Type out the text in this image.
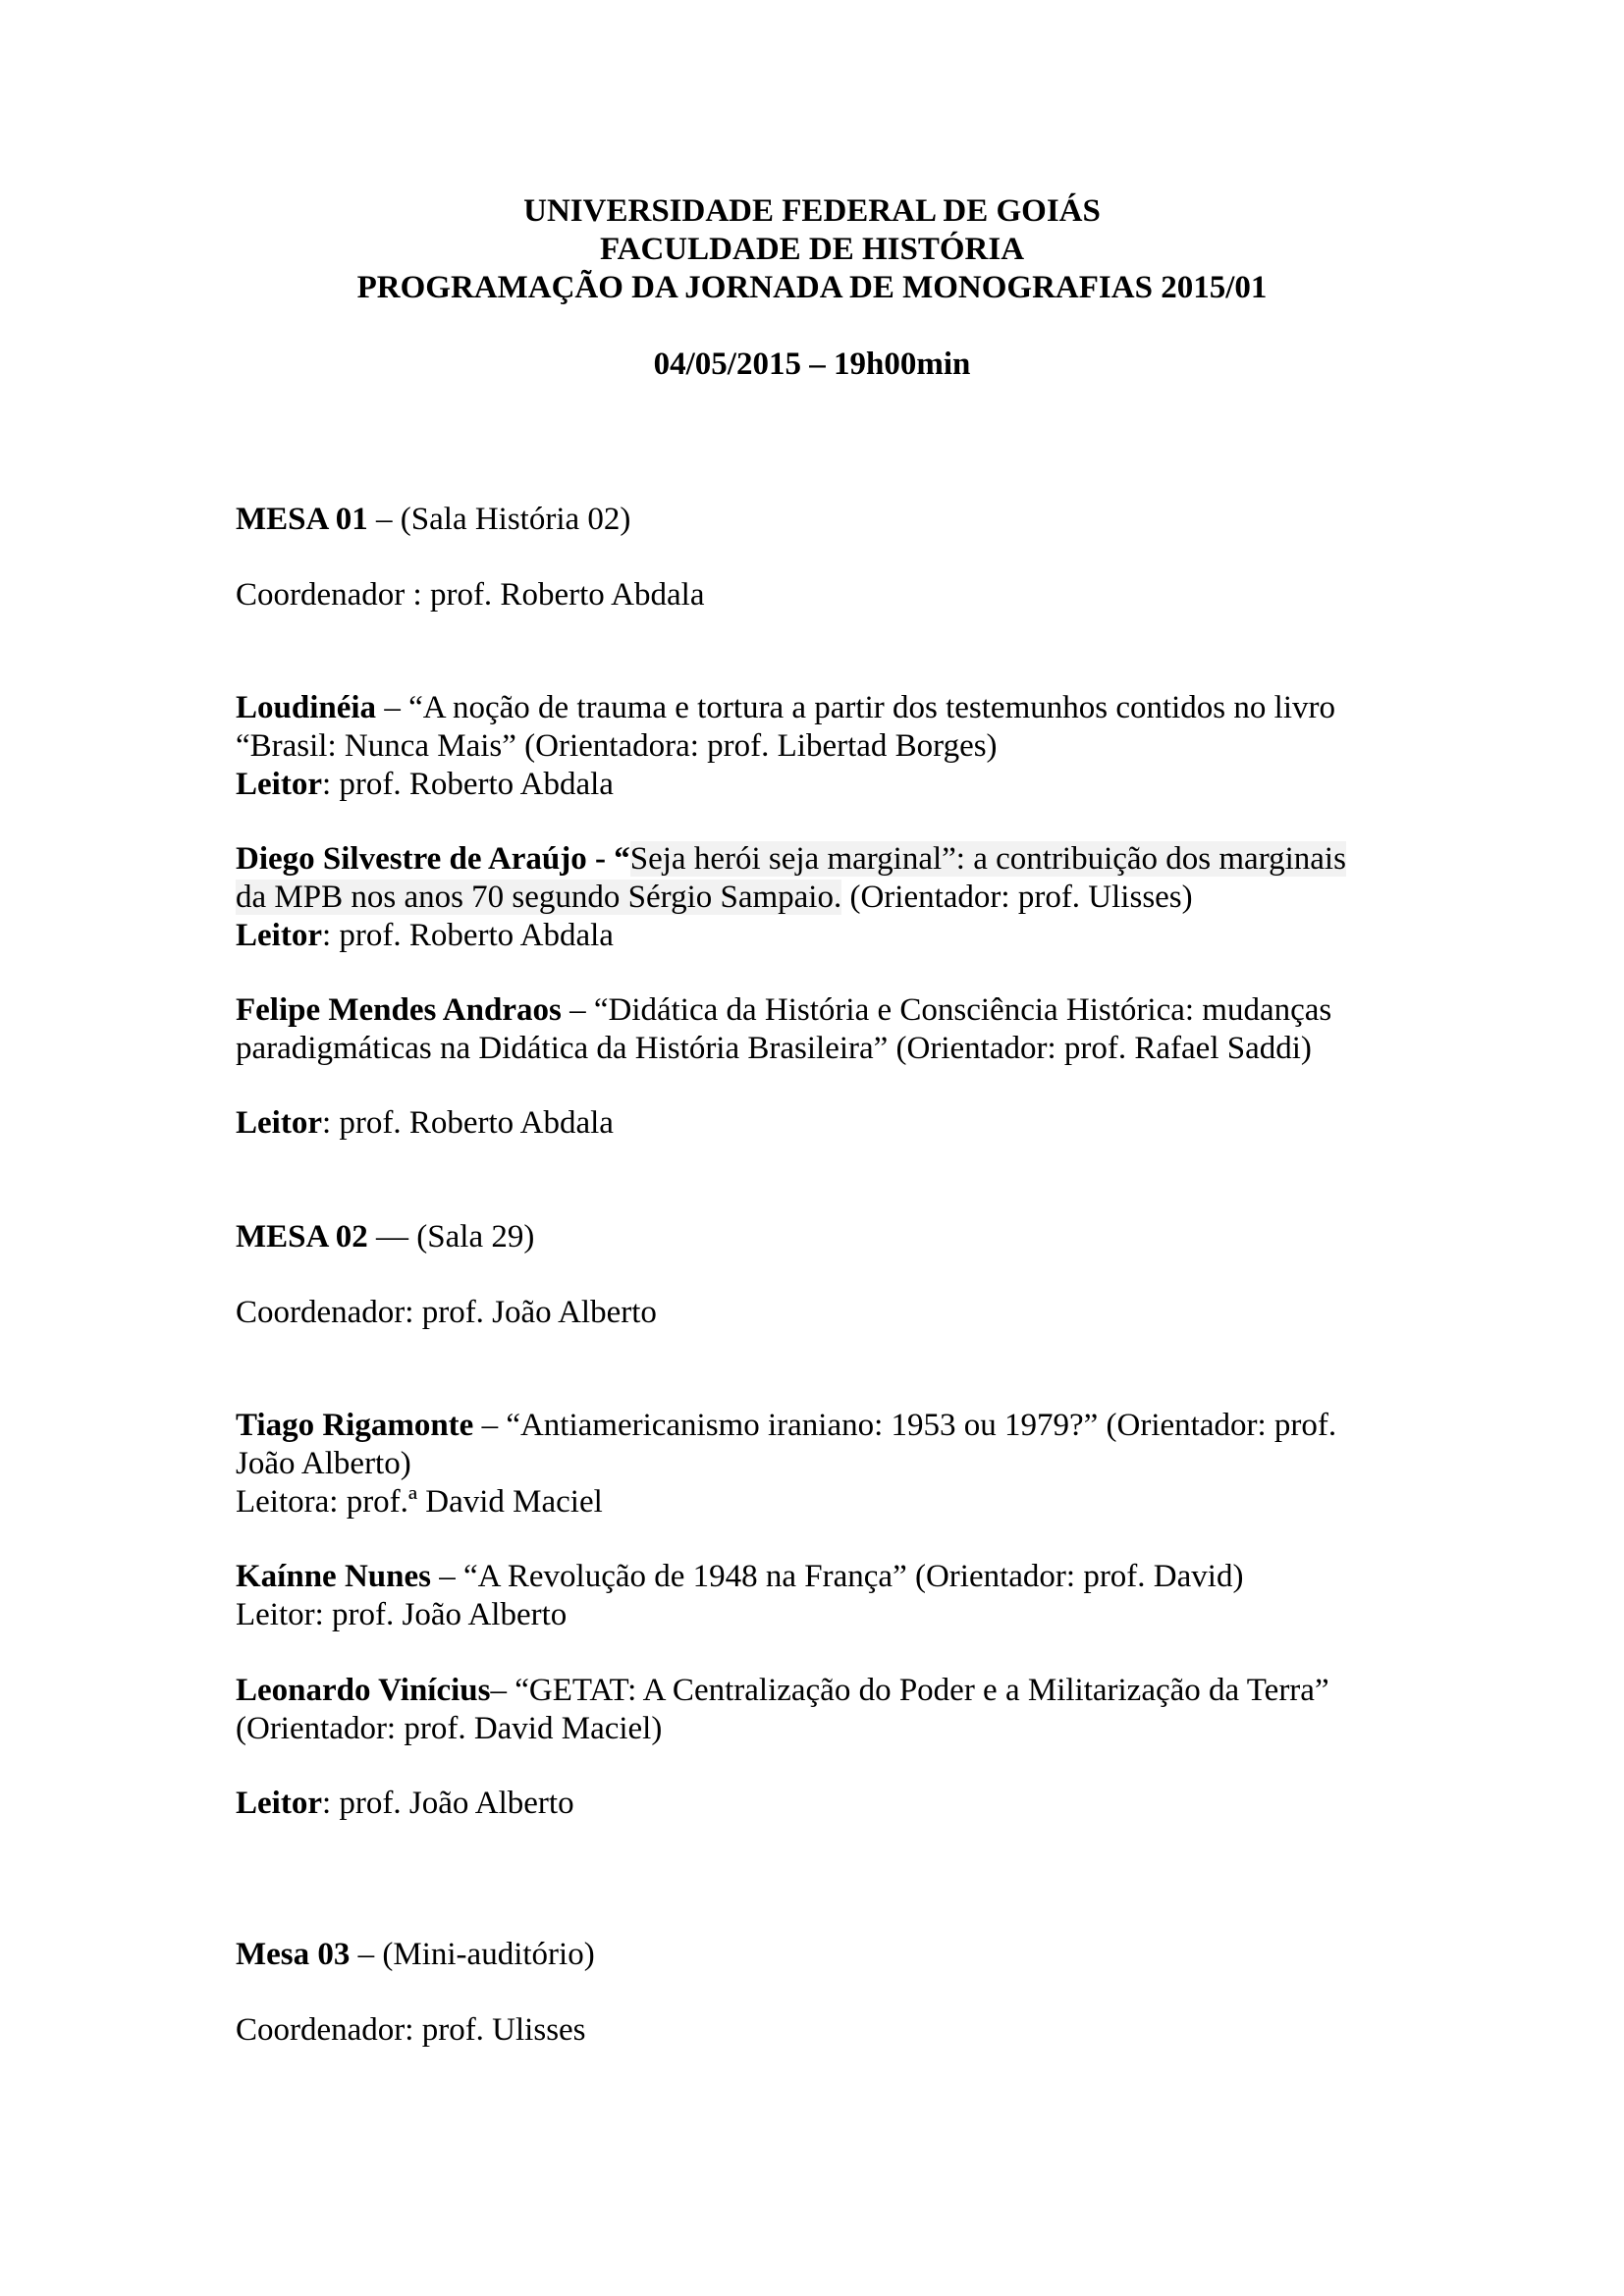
UNIVERSIDADE FEDERAL DE GOIÁS
FACULDADE DE HISTÓRIA
PROGRAMAÇÃO DA JORNADA DE MONOGRAFIAS 2015/01
04/05/2015 – 19h00min
MESA 01 – (Sala História 02)
Coordenador : prof. Roberto Abdala
Loudinéia – “A noção de trauma e tortura a partir dos testemunhos contidos no livro
“Brasil: Nunca Mais” (Orientadora: prof. Libertad Borges)
Leitor: prof. Roberto Abdala
Diego Silvestre de Araújo - “Seja herói seja marginal”: a contribuição dos marginais
da MPB nos anos 70 segundo Sérgio Sampaio. (Orientador: prof. Ulisses)
Leitor: prof. Roberto Abdala
Felipe Mendes Andraos – “Didática da História e Consciência Histórica: mudanças
paradigmáticas na Didática da História Brasileira” (Orientador: prof. Rafael Saddi)
Leitor: prof. Roberto Abdala
MESA 02 — (Sala 29)
Coordenador: prof. João Alberto
Tiago Rigamonte – “Antiamericanismo iraniano: 1953 ou 1979?” (Orientador: prof.
João Alberto)
Leitora: prof.ª David Maciel
Kaínne Nunes – “A Revolução de 1948 na França” (Orientador: prof. David)
Leitor: prof. João Alberto
Leonardo Vinícius– “GETAT: A Centralização do Poder e a Militarização da Terra”
(Orientador: prof. David Maciel)
Leitor: prof. João Alberto
Mesa 03 – (Mini-auditório)
Coordenador: prof. Ulisses
